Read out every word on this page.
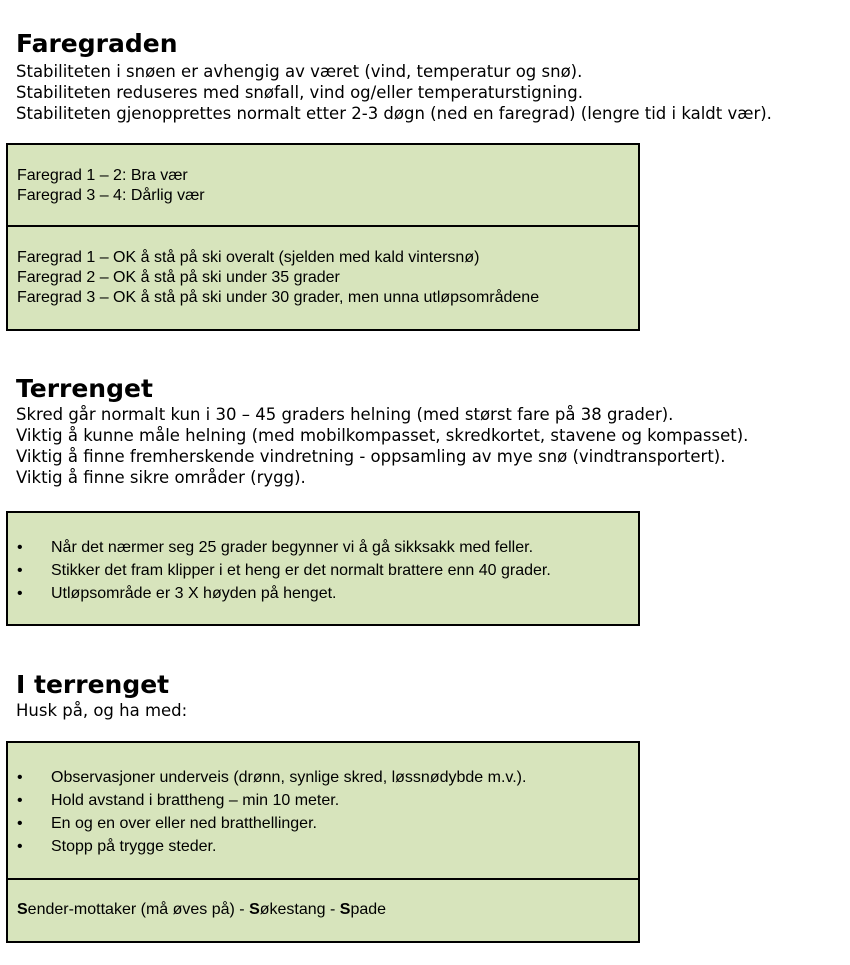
Faregraden

Stabiliteten i snøen er avhengig av været (vind, temperatur og snø).

Stabiliteten reduseres med snøfall, vind og/eller temperaturstigning.

Stabiliteten gjenopprettes normalt etter 2-3 døgn (ned en faregrad) (lengre tid i kaldt vær).

Faregrad 1 – 2: Bra vær

Faregrad 3 – 4: Dårlig vær

Faregrad 1 – OK å stå på ski overalt (sjelden med kald vintersnø)

Faregrad 2 – OK å stå på ski under 35 grader

Faregrad 3 – OK å stå på ski under 30 grader, men unna utløpsområdene

Terrenget

Skred går normalt kun i 30 – 45 graders helning (med størst fare på 38 grader).

Viktig å kunne måle helning (med mobilkompasset, skredkortet, stavene og kompasset).

Viktig å finne fremherskende vindretning - oppsamling av mye snø (vindtransportert).

Viktig å finne sikre områder (rygg).

• Når det nærmer seg 25 grader begynner vi å gå sikksakk med feller.
• Stikker det fram klipper i et heng er det normalt brattere enn 40 grader.
• Utløpsområde er 3 X høyden på henget.
I terrenget

Husk på, og ha med:

• Observasjoner underveis (drønn, synlige skred, løssnødybde m.v.).
• Hold avstand i brattheng – min 10 meter.
• En og en over eller ned bratthellinger.
• Stopp på trygge steder.

Sender-mottaker (må øves på) - Søkestang - Spade
